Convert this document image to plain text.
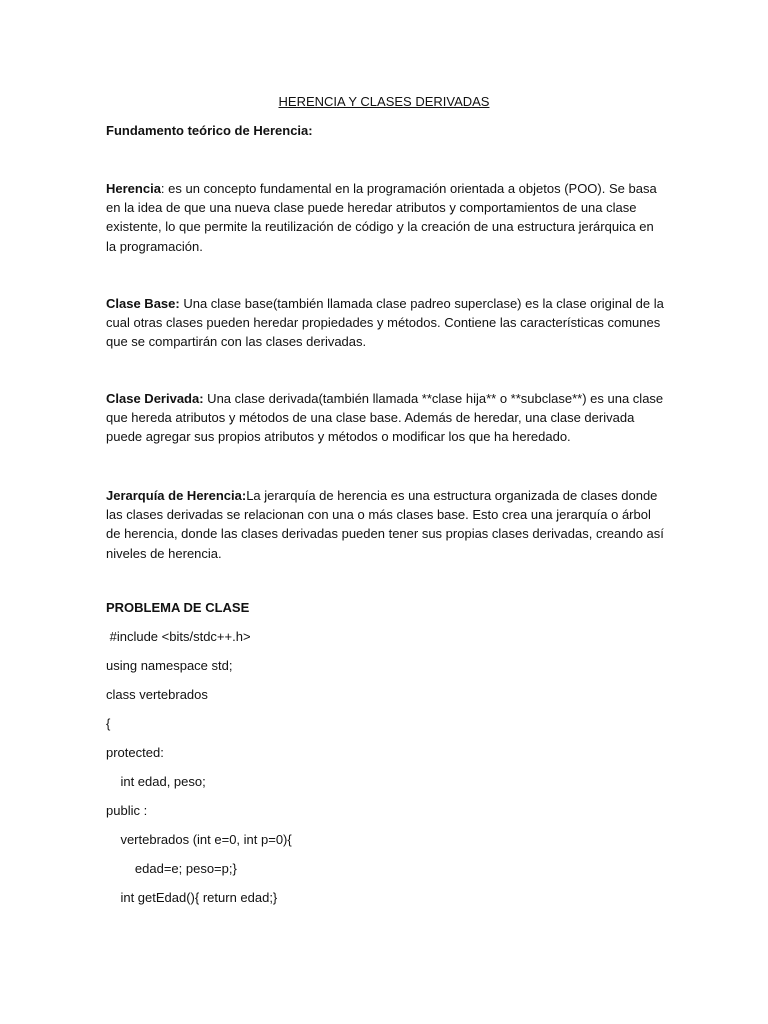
HERENCIA Y CLASES DERIVADAS
Fundamento teórico de Herencia:

Herencia: es un concepto fundamental en la programación orientada a objetos (POO). Se basa en la idea de que una nueva clase puede heredar atributos y comportamientos de una clase existente, lo que permite la reutilización de código y la creación de una estructura jerárquica en la programación.

Clase Base: Una clase base(también llamada clase padreo superclase) es la clase original de la cual otras clases pueden heredar propiedades y métodos. Contiene las características comunes que se compartirán con las clases derivadas.

Clase Derivada: Una clase derivada(también llamada **clase hija** o **subclase**) es una clase que hereda atributos y métodos de una clase base. Además de heredar, una clase derivada puede agregar sus propios atributos y métodos o modificar los que ha heredado.

Jerarquía de Herencia:La jerarquía de herencia es una estructura organizada de clases donde las clases derivadas se relacionan con una o más clases base. Esto crea una jerarquía o árbol de herencia, donde las clases derivadas pueden tener sus propias clases derivadas, creando así niveles de herencia.

PROBLEMA DE CLASE
#include <bits/stdc++.h>
using namespace std;
class vertebrados
{
protected:
int edad, peso;
public :
vertebrados (int e=0, int p=0){
edad=e; peso=p;}
int getEdad(){ return edad;}
